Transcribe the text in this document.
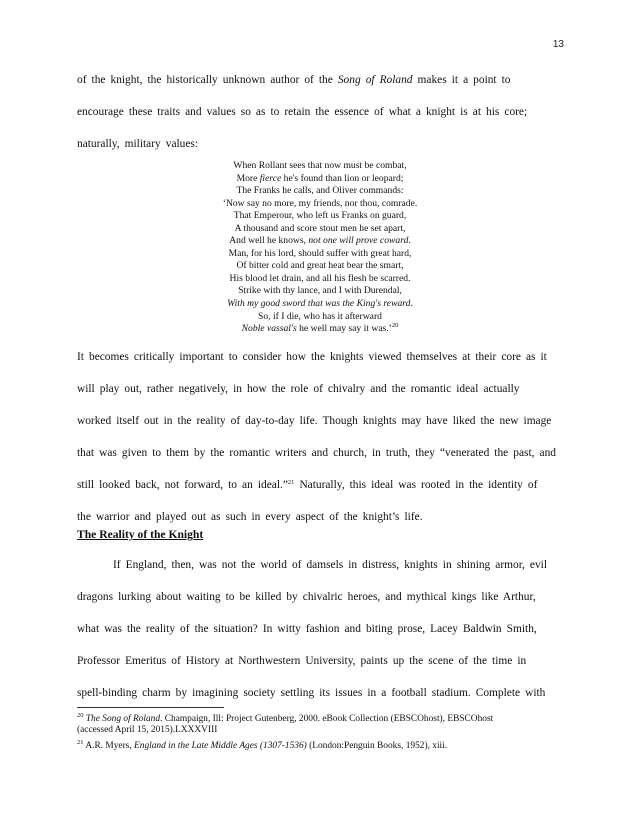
13
of the knight, the historically unknown author of the Song of Roland makes it a point to
encourage these traits and values so as to retain the essence of what a knight is at his core;
naturally, military values:
When Rollant sees that now must be combat,
More fierce he's found than lion or leopard;
The Franks he calls, and Oliver commands:
‘Now say no more, my friends, nor thou, comrade.
That Emperour, who left us Franks on guard,
A thousand and score stout men he set apart,
And well he knows, not one will prove coward.
Man, for his lord, should suffer with great hard,
Of bitter cold and great heat bear the smart,
His blood let drain, and all his flesh be scarred.
Strike with thy lance, and I with Durendal,
With my good sword that was the King's reward.
So, if I die, who has it afterward
Noble vassal's he well may say it was.’$^{20}$
It becomes critically important to consider how the knights viewed themselves at their core as it
will play out, rather negatively, in how the role of chivalry and the romantic ideal actually
worked itself out in the reality of day-to-day life. Though knights may have liked the new image
that was given to them by the romantic writers and church, in truth, they “venerated the past, and
still looked back, not forward, to an ideal.”$^{21}$ Naturally, this ideal was rooted in the identity of
the warrior and played out as such in every aspect of the knight’s life.
The Reality of the Knight
If England, then, was not the world of damsels in distress, knights in shining armor, evil
dragons lurking about waiting to be killed by chivalric heroes, and mythical kings like Arthur,
what was the reality of the situation? In witty fashion and biting prose, Lacey Baldwin Smith,
Professor Emeritus of History at Northwestern University, paints up the scene of the time in
spell-binding charm by imagining society settling its issues in a football stadium. Complete with
$^{20}$ The Song of Roland. Champaign, Ill: Project Gutenberg, 2000. eBook Collection (EBSCOhost), EBSCOhost
(accessed April 15, 2015).LXXXVIII
$^{21}$ A.R. Myers, England in the Late Middle Ages (1307-1536) (London:Penguin Books, 1952), xiii.
